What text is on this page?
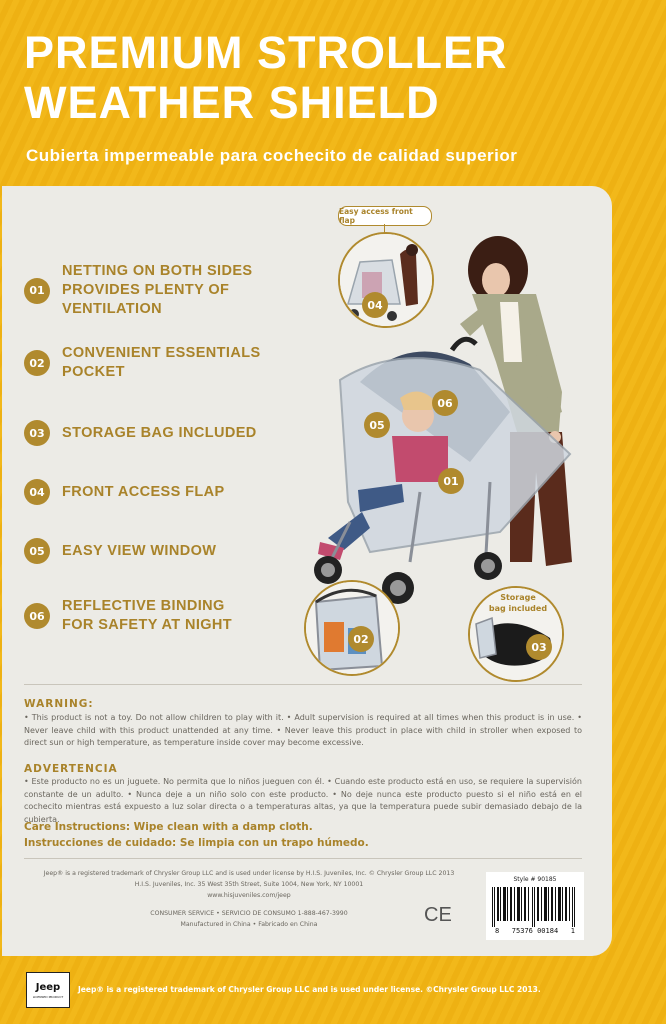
PREMIUM STROLLER
WEATHER SHIELD
Cubierta impermeable para cochecito de calidad superior
01
NETTING ON BOTH SIDES
PROVIDES PLENTY OF VENTILATION
02
CONVENIENT ESSENTIALS
POCKET
03	STORAGE BAG INCLUDED
04	FRONT ACCESS FLAP
05	EASY VIEW WINDOW
06
REFLECTIVE BINDING
FOR SAFETY AT NIGHT
Easy access front flap
04
05
06
01
02
Storage
bag included
03
WARNING:
• This product is not a toy. Do not allow children to play with it. • Adult supervision is required at all times when this product is in use. • Never leave child with this product unattended at any time. • Never leave this product in place with child in stroller when exposed to direct sun or high temperature, as temperature inside cover may become excessive.
ADVERTENCIA
• Este producto no es un juguete. No permita que lo niños jueguen con él. • Cuando este producto está en uso, se requiere la supervisión constante de un adulto. • Nunca deje a un niño solo con este producto. • No deje nunca este producto puesto si el niño está en el cochecito mientras está expuesto a luz solar directa o a temperaturas altas, ya que la temperatura puede subir demasiado debajo de la cubierta.
Care Instructions: Wipe clean with a damp cloth.
Instrucciones de cuidado: Se limpia con un trapo húmedo.
Jeep® is a registered trademark of Chrysler Group LLC and is used under license by H.I.S. Juveniles, Inc. © Chrysler Group LLC 2013
H.I.S. Juveniles, Inc. 35 West 35th Street, Suite 1004, New York, NY 10001
www.hisjuveniles.com/jeep
CONSUMER SERVICE • SERVICIO DE CONSUMO 1-888-467-3990
Manufactured in China • Fabricado en China	CE
Style # 90185
8   75376 00184   1
Jeep
LICENSED PRODUCT
Jeep® is a registered trademark of Chrysler Group LLC and is used under license. ©Chrysler Group LLC 2013.
